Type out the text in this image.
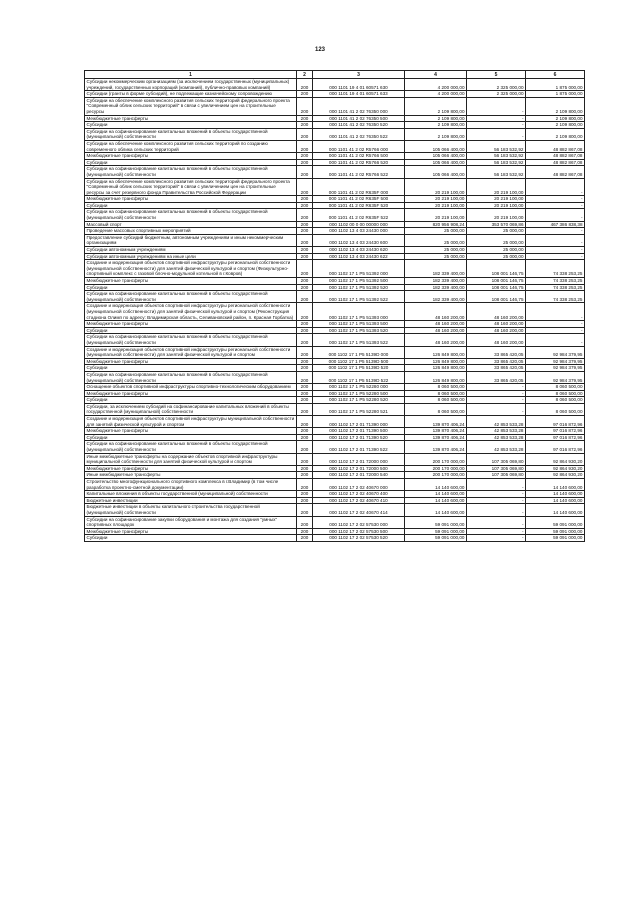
123
1	2	3	4	5	6
Субсидии некоммерческим организациям (за исключением государственных (муниципальных) учреждений, государственных корпораций (компаний), публично-правовых компаний)	200	000 1101 19 4 01 60571 630	4 200 000,00	2 325 000,00	1 875 000,00
Субсидии (гранты в форме субсидий), не подлежащие казначейскому сопровождению	200	000 1101 19 4 01 60571 633	4 200 000,00	2 325 000,00	1 875 000,00
Субсидии на обеспечение комплексного развития сельских территорий федерального проекта "Современный облик сельских территорий" в связи с увеличением цен на строительные ресурсы	200	000 1101 41 2 02 76350 000	2 109 800,00	-	2 109 800,00
Межбюджетные трансферты	200	000 1101 41 2 02 76350 500	2 109 800,00	-	2 109 800,00
Субсидии	200	000 1101 41 2 02 76350 520	2 109 800,00	-	2 109 800,00
Субсидии на софинансирование капитальных вложений в объекты государственной (муниципальной) собственности	200	000 1101 41 2 02 76350 522	2 109 800,00	-	2 109 800,00
Субсидии на обеспечение комплексного развития сельских территорий по созданию современного облика сельских территорий	200	000 1101 41 2 02 R5766 000	105 066 400,00	56 183 532,92	48 882 867,08
Межбюджетные трансферты	200	000 1101 41 2 02 R5766 500	105 066 400,00	56 183 532,92	48 882 867,08
Субсидии	200	000 1101 41 2 02 R5766 520	105 066 400,00	56 183 532,92	48 882 867,08
Субсидии на софинансирование капитальных вложений в объекты государственной (муниципальной) собственности	200	000 1101 41 2 02 R5766 522	105 066 400,00	56 183 532,92	48 882 867,08
Субсидии на обеспечение комплексного развития сельских территорий федерального проекта "Современный облик сельских территорий" в связи с увеличением цен на строительные ресурсы за счет резервного фонда Правительства Российской Федерации	200	000 1101 41 2 02 R635F 000	20 219 100,00	20 219 100,00	-
Межбюджетные трансферты	200	000 1101 41 2 02 R635F 500	20 219 100,00	20 219 100,00	-
Субсидии	200	000 1101 41 2 02 R635F 520	20 219 100,00	20 219 100,00	-
Субсидии на софинансирование капитальных вложений в объекты государственной (муниципальной) собственности	200	000 1101 41 2 02 R635F 522	20 219 100,00	20 219 100,00	-
Массовый спорт	200	000 1102 00 0 00 00000 000	820 956 908,24	353 570 069,86	467 386 838,38
Проведение массовых спортивных мероприятий	200	000 1102 13 4 03 24430 000	25 000,00	25 000,00	-
Предоставление субсидий бюджетным, автономным учреждениям и иным некоммерческим организациям	200	000 1102 13 4 03 24430 600	25 000,00	25 000,00	-
Субсидии автономным учреждениям	200	000 1102 13 4 03 24430 620	25 000,00	25 000,00	-
Субсидии автономным учреждениям на иные цели	200	000 1102 13 4 03 24430 622	25 000,00	25 000,00	-
Создание и модернизация объектов спортивной инфраструктуры региональной собственности (муниципальной собственности) для занятий физической культурой и спортом (Физкультурно-спортивный комплекс с газовой блочно-модульной котельной в г.Ковров)	200	000 1102 17 1 P5 51392 000	182 339 400,00	108 001 146,75	74 338 253,25
Межбюджетные трансферты	200	000 1102 17 1 P5 51392 500	182 339 400,00	108 001 146,75	74 338 253,25
Субсидии	200	000 1102 17 1 P5 51392 520	182 339 400,00	108 001 146,75	74 338 253,25
Субсидии на софинансирование капитальных вложений в объекты государственной (муниципальной) собственности	200	000 1102 17 1 P5 51392 522	182 339 400,00	108 001 146,75	74 338 253,25
Создание и модернизация объектов спортивной инфраструктуры региональной собственности (муниципальной собственности) для занятий физической культурой и спортом (Реконструкция стадиона Олимп по адресу: Владимирская область, Селивановский район, п. Красная Горбатка)	200	000 1102 17 1 P5 51393 000	48 160 200,00	48 160 200,00	-
Межбюджетные трансферты	200	000 1102 17 1 P5 51393 500	48 160 200,00	48 160 200,00	-
Субсидии	200	000 1102 17 1 P5 51393 520	48 160 200,00	48 160 200,00	-
Субсидии на софинансирование капитальных вложений в объекты государственной (муниципальной) собственности	200	000 1102 17 1 P5 51393 522	48 160 200,00	48 160 200,00	-
Создание и модернизация объектов спортивной инфраструктуры региональной собственности (муниципальной собственности) для занятий физической культурой и спортом	200	000 1102 17 1 P5 5139D 000	126 849 800,00	33 865 420,05	92 984 379,95
Межбюджетные трансферты	200	000 1102 17 1 P5 5139D 500	126 849 800,00	33 865 420,05	92 984 379,95
Субсидии	200	000 1102 17 1 P5 5139D 520	126 849 800,00	33 865 420,05	92 984 379,95
Субсидии на софинансирование капитальных вложений в объекты государственной (муниципальной) собственности	200	000 1102 17 1 P5 5139D 522	126 849 800,00	33 865 420,05	92 984 379,95
Оснащение объектов спортивной инфраструктуры спортивно-технологическим оборудованием	200	000 1102 17 1 P5 52280 000	8 060 500,00	-	8 060 500,00
Межбюджетные трансферты	200	000 1102 17 1 P5 52280 500	8 060 500,00	-	8 060 500,00
Субсидии	200	000 1102 17 1 P5 52280 520	8 060 500,00	-	8 060 500,00
Субсидии, за исключением субсидий на софинансирование капитальных вложений в объекты государственной (муниципальной) собственности	200	000 1102 17 1 P5 52280 521	8 060 500,00	-	8 060 500,00
Создание и модернизация объектов спортивной инфраструктуры муниципальной собственности для занятий физической культурой и спортом	200	000 1102 17 2 01 71390 000	139 870 406,24	42 853 533,28	97 016 872,96
Межбюджетные трансферты	200	000 1102 17 2 01 71390 500	139 870 406,24	42 853 533,28	97 016 872,96
Субсидии	200	000 1102 17 2 01 71390 520	139 870 406,24	42 853 533,28	97 016 872,96
Субсидии на софинансирование капитальных вложений в объекты государственной (муниципальной) собственности	200	000 1102 17 2 01 71390 522	139 870 406,24	42 853 533,28	97 016 872,96
Иные межбюджетные трансферты на содержание объектов спортивной инфраструктуры муниципальной собственности для занятий физической культурой и спортом	200	000 1102 17 2 01 72000 000	200 170 000,00	107 305 069,80	92 864 930,20
Межбюджетные трансферты	200	000 1102 17 2 01 72000 500	200 170 000,00	107 305 069,80	92 864 930,20
Иные межбюджетные трансферты	200	000 1102 17 2 01 72000 540	200 170 000,00	107 305 069,80	92 864 930,20
Строительство многофункционального спортивного комплекса в г.Владимир (в том числе разработка проектно-сметной документации)	200	000 1102 17 2 02 40670 000	14 140 600,00	-	14 140 600,00
Капитальные вложения в объекты государственной (муниципальной) собственности	200	000 1102 17 2 02 40670 400	14 140 600,00	-	14 140 600,00
Бюджетные инвестиции	200	000 1102 17 2 02 40670 410	14 140 600,00	-	14 140 600,00
Бюджетные инвестиции в объекты капитального строительства государственной (муниципальной) собственности	200	000 1102 17 2 02 40670 414	14 140 600,00	-	14 140 600,00
Субсидии на софинансирование закупки оборудования и монтажа для создания "умных" спортивных площадок	200	000 1102 17 2 02 57530 000	59 091 000,00	-	59 091 000,00
Межбюджетные трансферты	200	000 1102 17 2 02 57530 500	59 091 000,00	-	59 091 000,00
Субсидии	200	000 1102 17 2 02 57530 520	59 091 000,00	-	59 091 000,00
